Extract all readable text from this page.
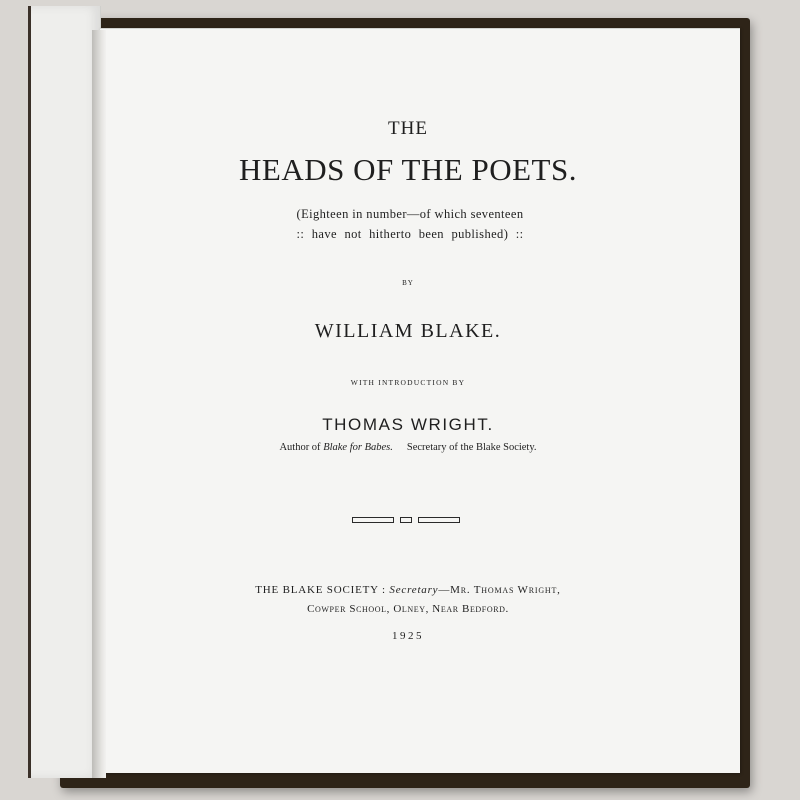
THE
HEADS OF THE POETS.
(Eighteen in number—of which seventeen
:: have not hitherto been published) ::
BY
WILLIAM BLAKE.
WITH INTRODUCTION BY
THOMAS WRIGHT.
Author of Blake for Babes. Secretary of the Blake Society.
THE BLAKE SOCIETY : Secretary—Mr. Thomas Wright,
Cowper School, Olney, Near Bedford.
1925
